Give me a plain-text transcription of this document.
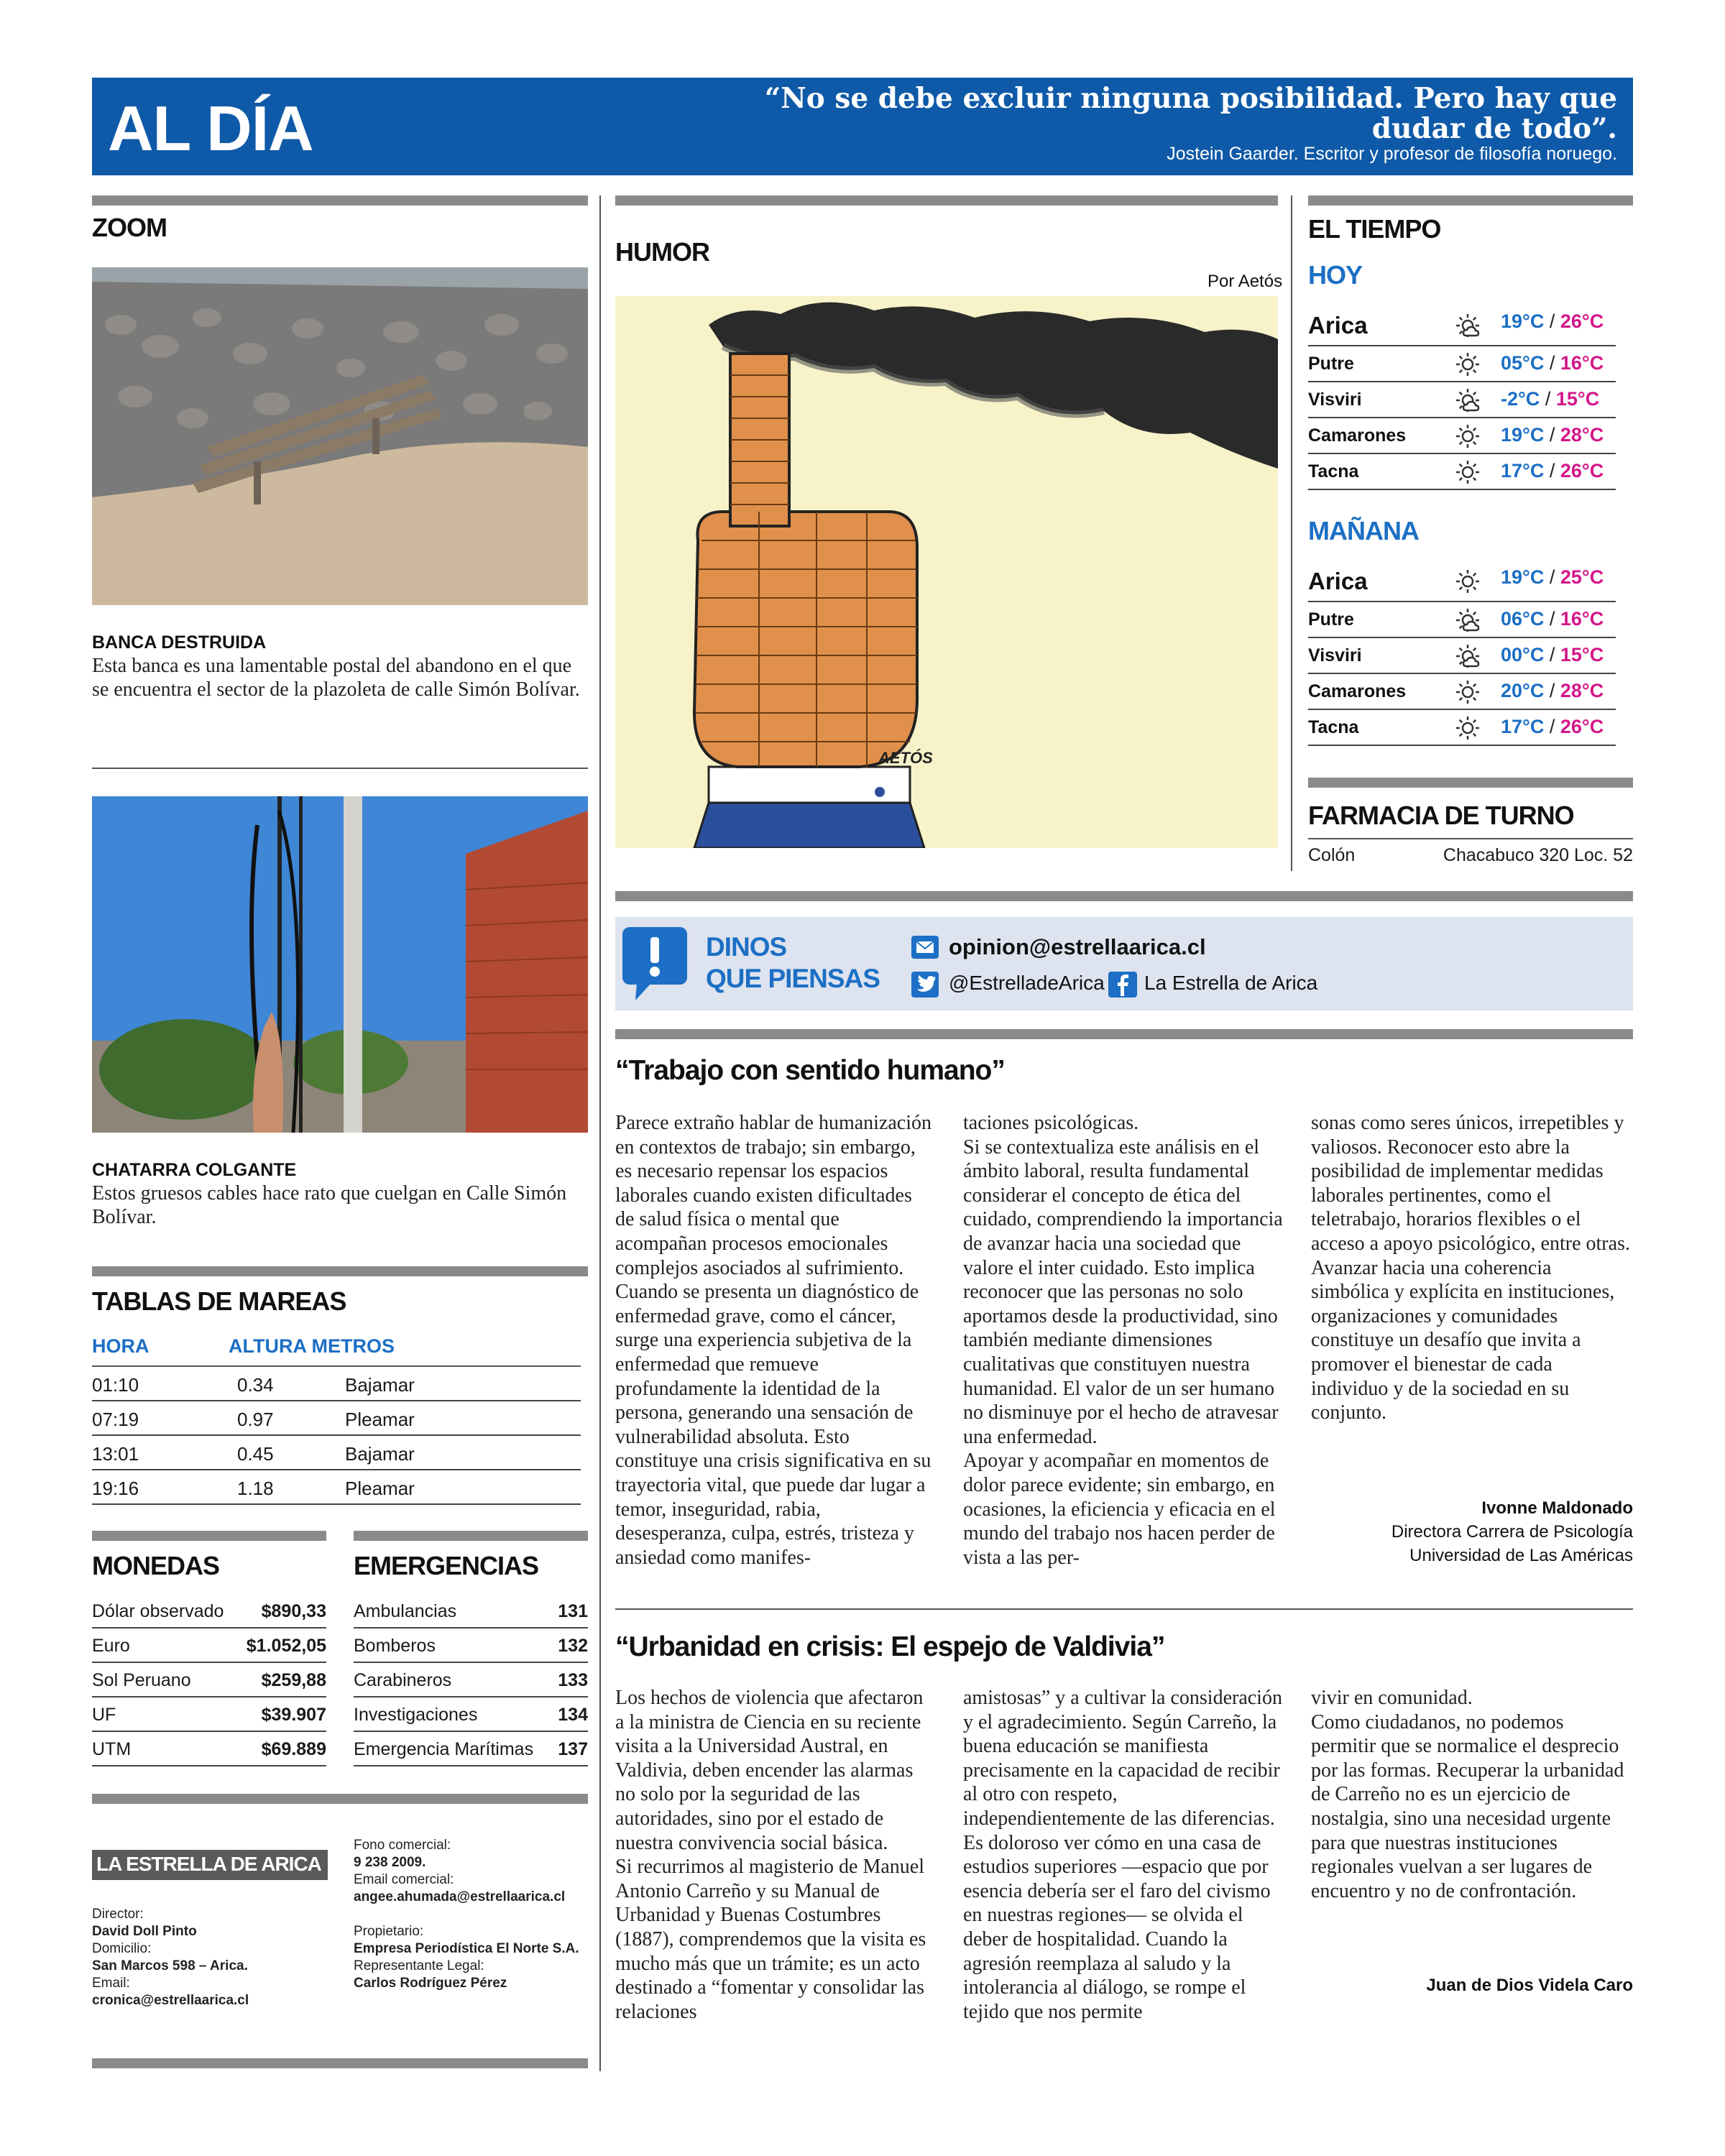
AL DÍA	“No se debe excluir ninguna posibilidad. Pero hay que dudar de todo”.
Jostein Gaarder. Escritor y profesor de filosofía noruego.
ZOOM
BANCA DESTRUIDA
Esta banca es una lamentable postal del abandono en el que se encuentra el sector de la plazoleta de calle Simón Bolívar.
CHATARRA COLGANTE
Estos gruesos cables hace rato que cuelgan en Calle Simón Bolívar.
TABLAS DE MAREAS
HORA	ALTURA METROS
01:10	0.34	Bajamar
07:19	0.97	Pleamar
13:01	0.45	Bajamar
19:16	1.18	Pleamar
MONEDAS	EMERGENCIAS
Dólar observado $890,33
Euro	$1.052,05
Sol Peruano	$259,88
UF	$39.907
UTM	$69.889
Ambulancias	131
Bomberos	132
Carabineros	133
Investigaciones	134
Emergencia Marítimas 137
LA ESTRELLA DE ARICA
Director:
David Doll Pinto
Domicilio:
San Marcos 598 – Arica.
Email:
cronica@estrellaarica.cl
Fono comercial:
9 238 2009.
Email comercial:
angee.ahumada@estrellaarica.cl
Propietario:
Empresa Periodística El Norte S.A.
Representante Legal:
Carlos Rodríguez Pérez
HUMOR
Por Aetós
AETÓS
EL TIEMPO
HOY
Arica	19°C / 26°C
Putre	05°C / 16°C
Visviri	-2°C / 15°C
Camarones	19°C / 28°C
Tacna	17°C / 26°C
MAÑANA
Arica	19°C / 25°C
Putre	06°C / 16°C
Visviri	00°C / 15°C
Camarones	20°C / 28°C
Tacna	17°C / 26°C
FARMACIA DE TURNO
Colón	Chacabuco 320 Loc. 52
DINOS
QUE PIENSAS
opinion@estrellaarica.cl
@EstrelladeArica La Estrella de Arica
“Trabajo con sentido humano”

Parece extraño hablar de humanización en contextos de trabajo; sin embargo, es necesario repensar los espacios laborales cuando existen dificultades de salud física o mental que acompañan procesos emocionales complejos asociados al sufrimiento.

Cuando se presenta un diagnóstico de enfermedad grave, como el cáncer, surge una experiencia subjetiva de la enfermedad que remueve profundamente la identidad de la persona, generando una sensación de vulnerabilidad absoluta. Esto constituye una crisis significativa en su trayectoria vital, que puede dar lugar a temor, inseguridad, rabia, desesperanza, culpa, estrés, tristeza y ansiedad como manifes-

taciones psicológicas.

Si se contextualiza este análisis en el ámbito laboral, resulta fundamental considerar el concepto de ética del cuidado, comprendiendo la importancia de avanzar hacia una sociedad que valore el inter cuidado. Esto implica reconocer que las personas no solo aportamos desde la productividad, sino también mediante dimensiones cualitativas que constituyen nuestra humanidad. El valor de un ser humano no disminuye por el hecho de atravesar una enfermedad.

Apoyar y acompañar en momentos de dolor parece evidente; sin embargo, en ocasiones, la eficiencia y eficacia en el mundo del trabajo nos hacen perder de vista a las per-

sonas como seres únicos, irrepetibles y valiosos. Reconocer esto abre la posibilidad de implementar medidas laborales pertinentes, como el teletrabajo, horarios flexibles o el acceso a apoyo psicológico, entre otras.

Avanzar hacia una coherencia simbólica y explícita en instituciones, organizaciones y comunidades constituye un desafío que invita a promover el bienestar de cada individuo y de la sociedad en su conjunto.

Ivonne Maldonado
Directora Carrera de Psicología
Universidad de Las Américas
“Urbanidad en crisis: El espejo de Valdivia”

Los hechos de violencia que afectaron a la ministra de Ciencia en su reciente visita a la Universidad Austral, en Valdivia, deben encender las alarmas no solo por la seguridad de las autoridades, sino por el estado de nuestra convivencia social básica.

Si recurrimos al magisterio de Manuel Antonio Carreño y su Manual de Urbanidad y Buenas Costumbres (1887), comprendemos que la visita es mucho más que un trámite; es un acto destinado a “fomentar y consolidar las relaciones

amistosas” y a cultivar la consideración y el agradecimiento. Según Carreño, la buena educación se manifiesta precisamente en la capacidad de recibir al otro con respeto, independientemente de las diferencias.

Es doloroso ver cómo en una casa de estudios superiores —espacio que por esencia debería ser el faro del civismo en nuestras regiones— se olvida el deber de hospitalidad. Cuando la agresión reemplaza al saludo y la intolerancia al diálogo, se rompe el tejido que nos permite

vivir en comunidad.

Como ciudadanos, no podemos permitir que se normalice el desprecio por las formas. Recuperar la urbanidad de Carreño no es un ejercicio de nostalgia, sino una necesidad urgente para que nuestras instituciones regionales vuelvan a ser lugares de encuentro y no de confrontación.

Juan de Dios Videla Caro
